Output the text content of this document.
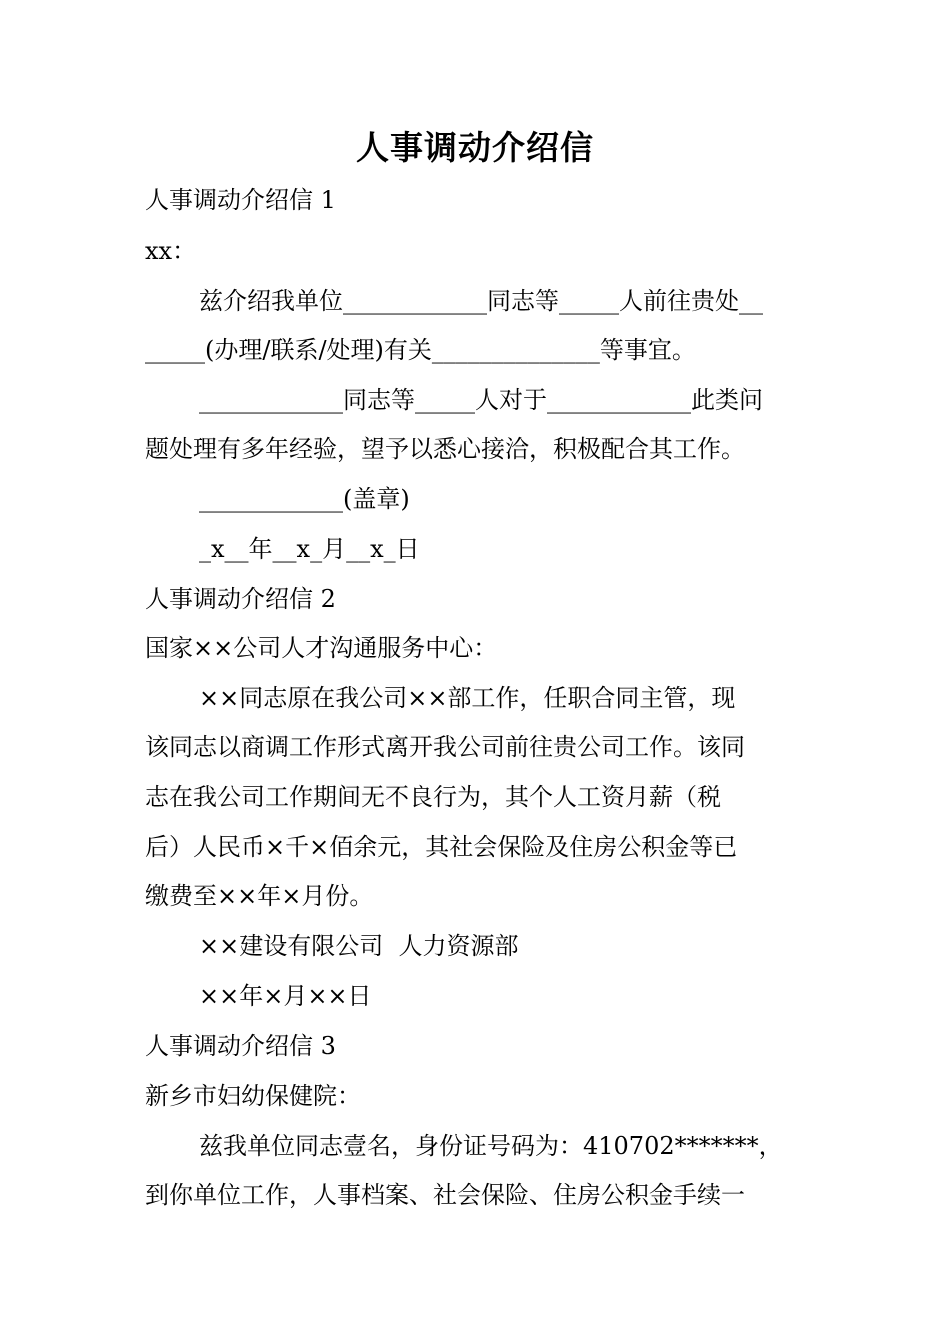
人事调动介绍信
人事调动介绍信 1
xx：
兹介绍我单位____________同志等_____人前往贵处__
_____(办理/联系/处理)有关______________等事宜。
____________同志等_____人对于____________此类问
题处理有多年经验，望予以悉心接洽，积极配合其工作。
____________(盖章)
_x__年__x_月__x_日
人事调动介绍信 2
国家××公司人才沟通服务中心：
××同志原在我公司××部工作，任职合同主管，现
该同志以商调工作形式离开我公司前往贵公司工作。该同
志在我公司工作期间无不良行为，其个人工资月薪（税
后）人民币×千×佰余元，其社会保险及住房公积金等已
缴费至××年×月份。
××建设有限公司  人力资源部
××年×月××日
人事调动介绍信 3
新乡市妇幼保健院：
兹我单位同志壹名，身份证号码为：410702*******，
到你单位工作，人事档案、社会保险、住房公积金手续一
